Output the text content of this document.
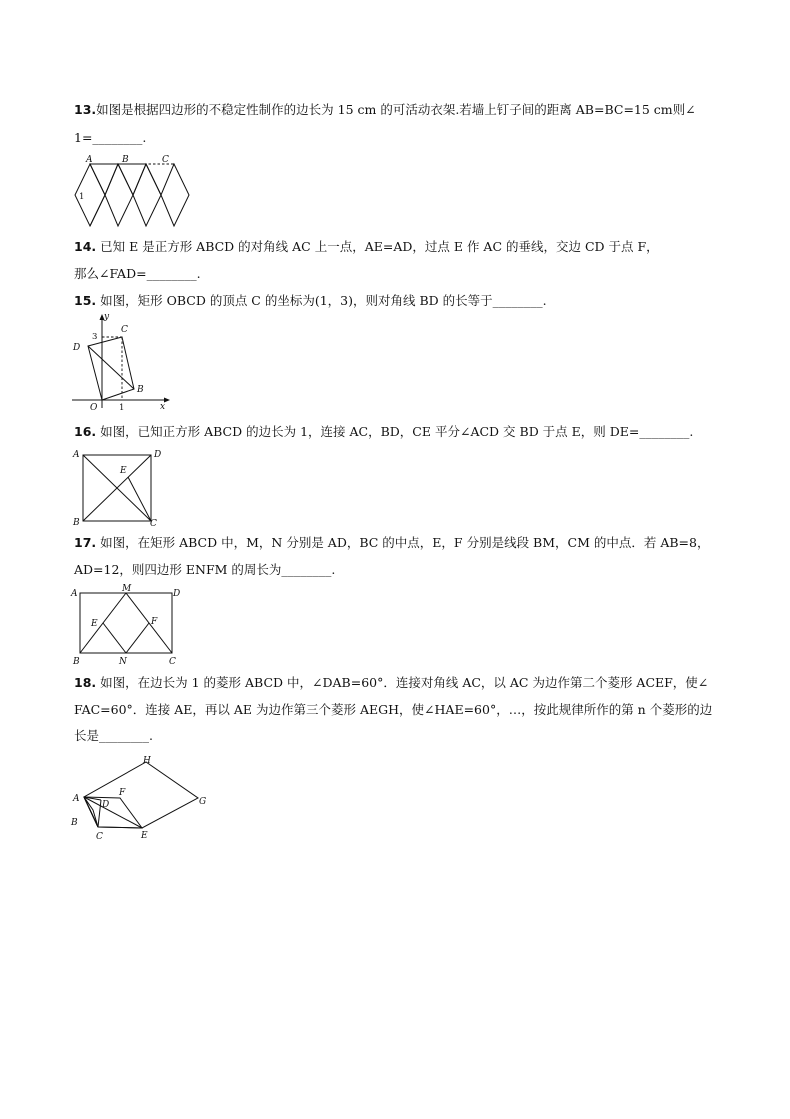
13.如图是根据四边形的不稳定性制作的边长为 15 cm 的可活动衣架.若墙上钉子间的距离 AB=BC=15 cm则∠
1=________.
A	B	C
1
14. 已知 E 是正方形 ABCD 的对角线 AC 上一点，AE=AD，过点 E 作 AC 的垂线，交边 CD 于点 F，
那么∠FAD=________.
15. 如图，矩形 OBCD 的顶点 C 的坐标为(1，3)，则对角线 BD 的长等于________.
y
x
O
3
1
C
D
B
16. 如图，已知正方形 ABCD 的边长为 1，连接 AC，BD，CE 平分∠ACD 交 BD 于点 E，则 DE=________.
A	D
E
B	C
17. 如图，在矩形 ABCD 中，M，N 分别是 AD，BC 的中点，E，F 分别是线段 BM，CM 的中点．若 AB=8，
AD=12，则四边形 ENFM 的周长为________.
A	M	D
E	F
B	N	C
18. 如图，在边长为 1 的菱形 ABCD 中，∠DAB=60°．连接对角线 AC，以 AC 为边作第二个菱形 ACEF，使∠
FAC=60°．连接 AE，再以 AE 为边作第三个菱形 AEGH，使∠HAE=60°，…，按此规律所作的第 n 个菱形的边
长是________.
H
A
F
D	G
B
C	E
